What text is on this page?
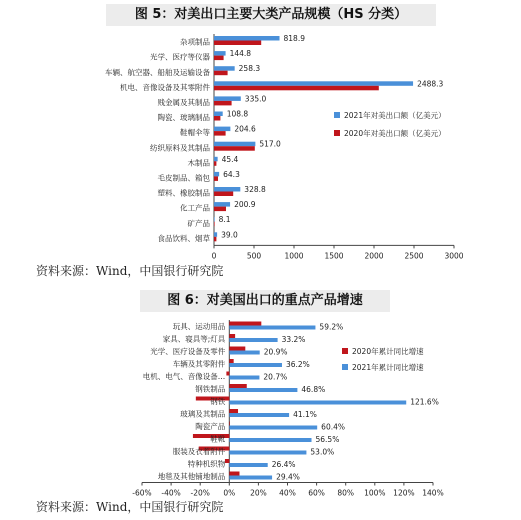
图 5：对美出口主要大类产品规模（HS 分类）
0	500	1000	1500	2000	2500	3000
杂项制品	818.9
光学、医疗等仪器	144.8
车辆、航空器、船舶及运输设备	258.3
机电、音像设备及其零附件	2488.3
贱金属及其制品	335.0
陶瓷、玻璃制品 108.8
鞋帽伞等	204.6
纺织原料及其制品	517.0
木制品 45.4
毛皮制品、箱包 64.3
塑料、橡胶制品	328.8
化工产品	200.9
矿产品 8.1
食品饮料、烟草 39.0
2021年对美出口额（亿美元）
2020年对美出口额（亿美元）
资料来源：Wind，中国银行研究院
图 6：对美国出口的重点产品增速
-60% -40% -20% 0% 20% 40% 60% 80% 100% 120% 140%
玩具、运动用品	59.2%
家具、寝具等;灯具	33.2%
光学、医疗设备及零件	20.9%
车辆及其零附件	36.2%
电机、电气、音像设备…	20.7%
钢铁制品	46.8%
钢铁	121.6%
玻璃及其制品	41.1%
陶瓷产品	60.4%
鞋靴	56.5%
服装及衣着附件	53.0%
特种机织物	26.4%
地毯及其他铺地制品	29.4%
2020年累计同比增速
2021年累计同比增速
资料来源：Wind，中国银行研究院
